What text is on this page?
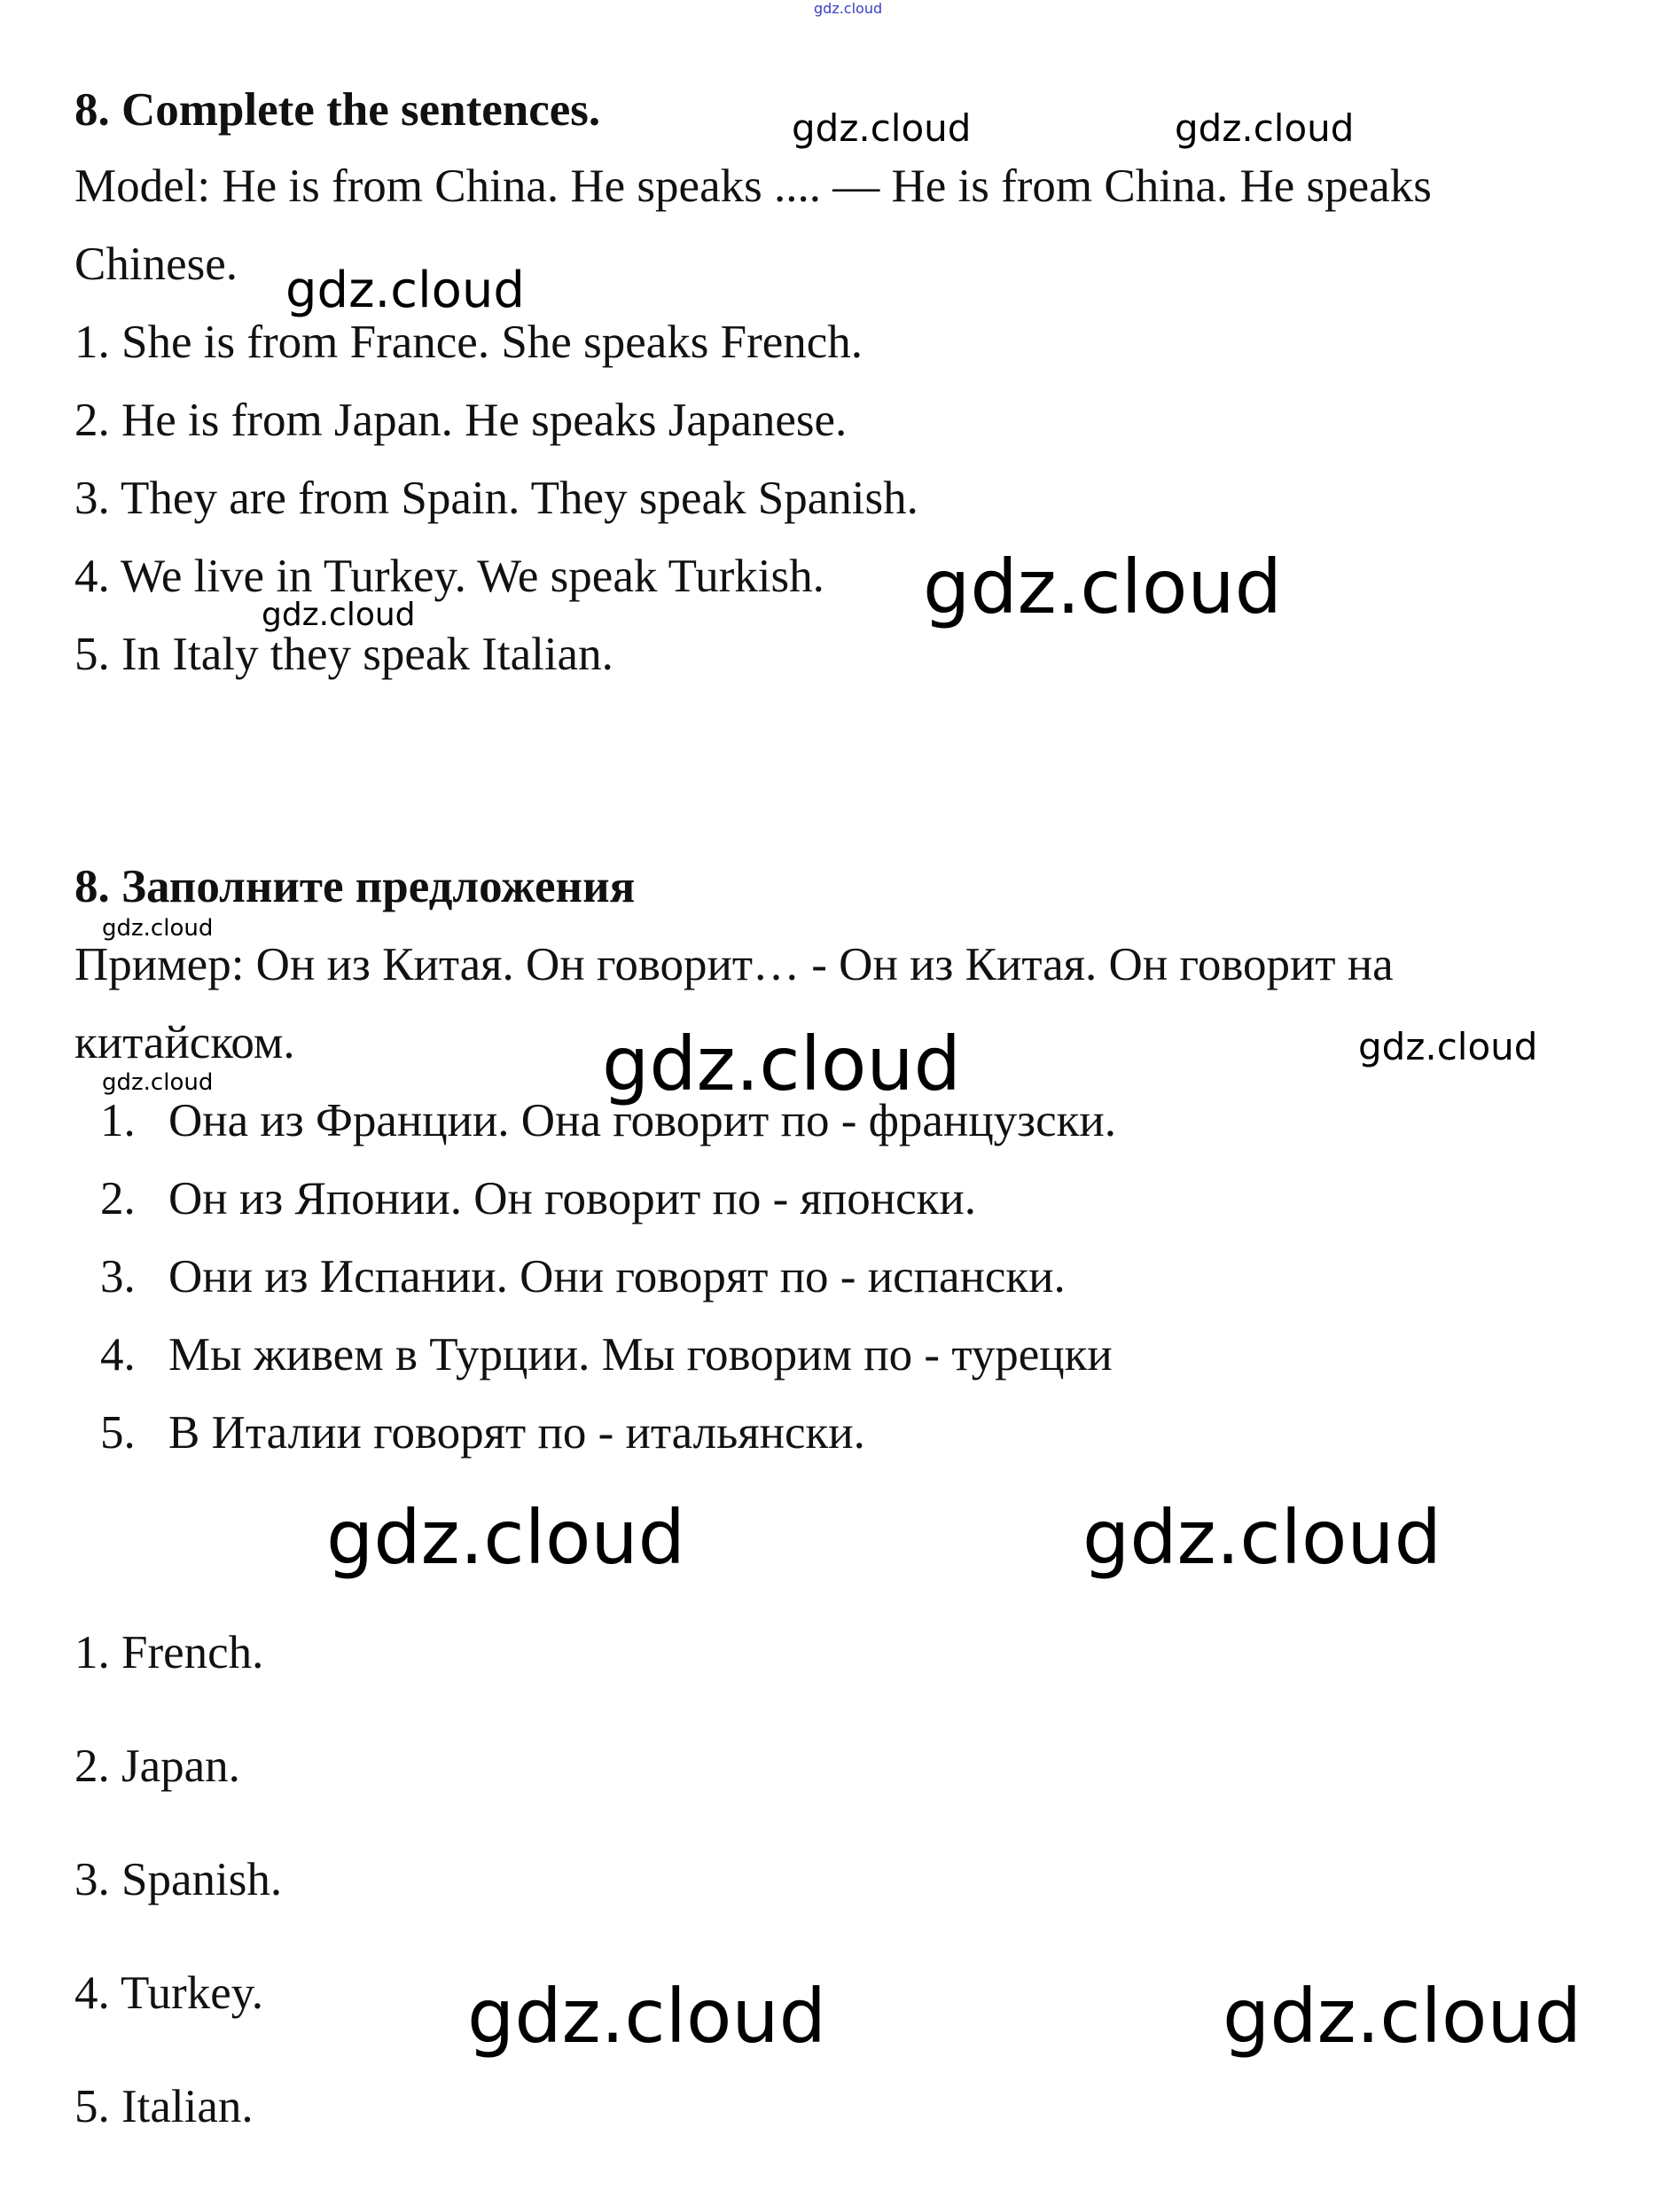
gdz.cloud
8. Complete the sentences.
Model: He is from China. He speaks .... — He is from China. He speaks
Chinese.
1. She is from France. She speaks French.
2. He is from Japan. He speaks Japanese.
3. They are from Spain. They speak Spanish.
4. We live in Turkey. We speak Turkish.
5. In Italy they speak Italian.
8. Заполните предложения
Пример: Он из Китая. Он говорит… - Он из Китая. Он говорит на
китайском.
1. Она из Франции. Она говорит по - французски.
2. Он из Японии. Он говорит по - японски.
3. Они из Испании. Они говорят по - испански.
4. Мы живем в Турции. Мы говорим по - турецки
5. В Италии говорят по - итальянски.
1. French.
2. Japan.
3. Spanish.
4. Turkey.
5. Italian.
gdz.cloud	gdz.cloud
gdz.cloud
gdz.cloud
gdz.cloud
gdz.cloud
gdz.cloud	gdz.cloud
gdz.cloud
gdz.cloud	gdz.cloud
gdz.cloud	gdz.cloud
